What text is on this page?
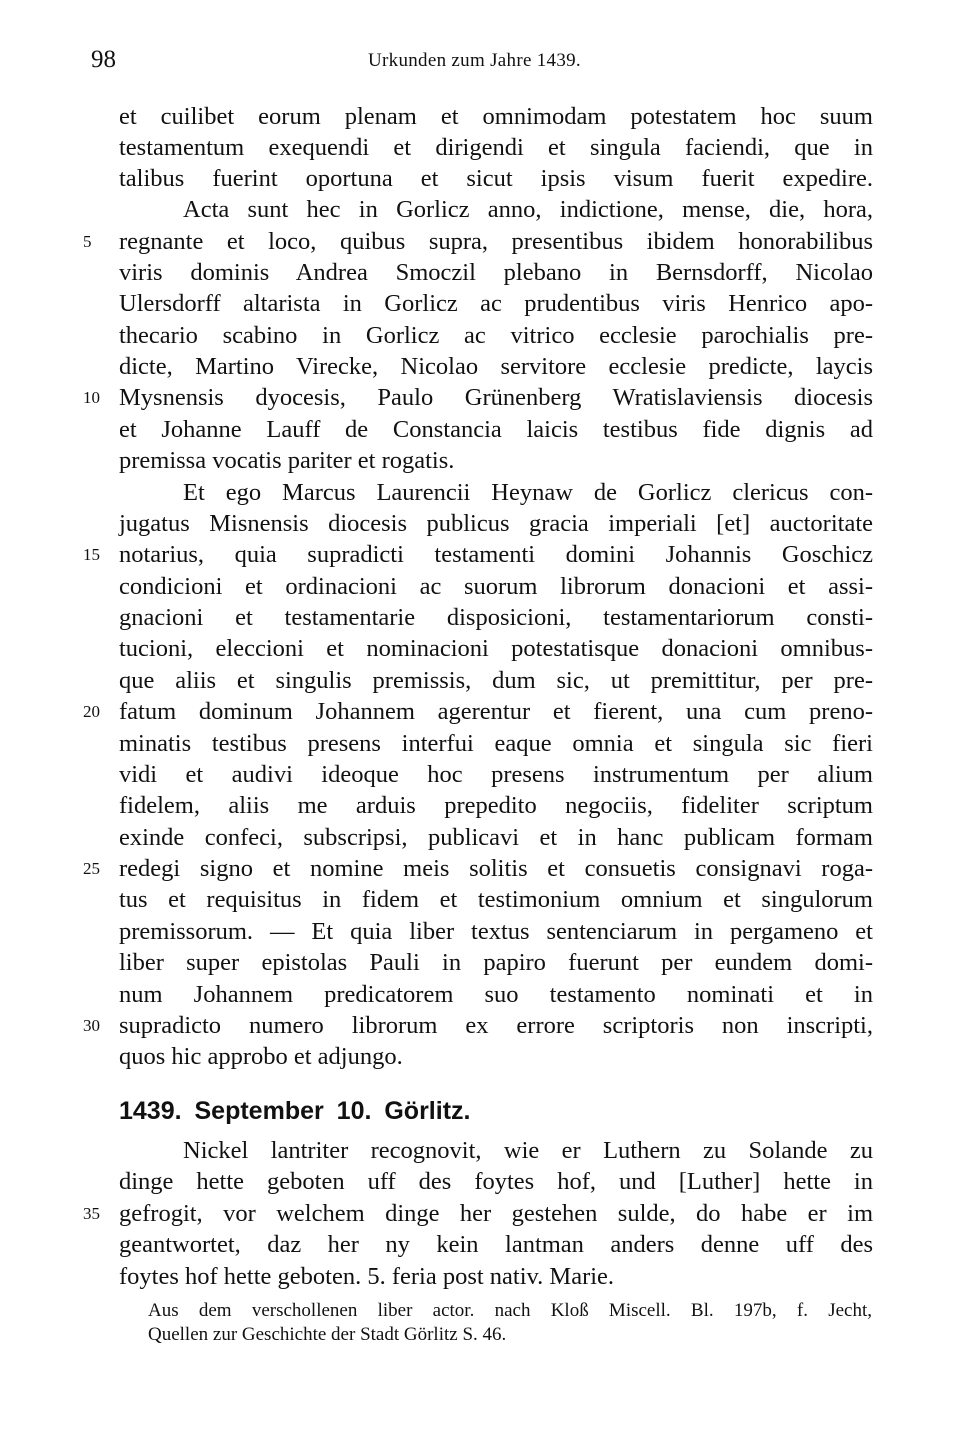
98	Urkunden zum Jahre 1439.
et cuilibet eorum plenam et omnimodam potestatem hoc suum
testamentum exequendi et dirigendi et singula faciendi, que in
talibus fuerint oportuna et sicut ipsis visum fuerit expedire.
Acta sunt hec in Gorlicz anno, indictione, mense, die, hora,
regnante et loco, quibus supra, presentibus ibidem honorabilibus
viris dominis Andrea Smoczil plebano in Bernsdorff, Nicolao
Ulersdorff altarista in Gorlicz ac prudentibus viris Henrico apo-
thecario scabino in Gorlicz ac vitrico ecclesie parochialis pre-
dicte, Martino Virecke, Nicolao servitore ecclesie predicte, laycis
Mysnensis dyocesis, Paulo Grünenberg Wratislaviensis diocesis
et Johanne Lauff de Constancia laicis testibus fide dignis ad
premissa vocatis pariter et rogatis.
Et ego Marcus Laurencii Heynaw de Gorlicz clericus con-
jugatus Misnensis diocesis publicus gracia imperiali [et] auctoritate
notarius, quia supradicti testamenti domini Johannis Goschicz
condicioni et ordinacioni ac suorum librorum donacioni et assi-
gnacioni et testamentarie disposicioni, testamentariorum consti-
tucioni, eleccioni et nominacioni potestatisque donacioni omnibus-
que aliis et singulis premissis, dum sic, ut premittitur, per pre-
fatum dominum Johannem agerentur et fierent, una cum preno-
minatis testibus presens interfui eaque omnia et singula sic fieri
vidi et audivi ideoque hoc presens instrumentum per alium
fidelem, aliis me arduis prepedito negociis, fideliter scriptum
exinde confeci, subscripsi, publicavi et in hanc publicam formam
redegi signo et nomine meis solitis et consuetis consignavi roga-
tus et requisitus in fidem et testimonium omnium et singulorum
premissorum. — Et quia liber textus sentenciarum in pergameno et
liber super epistolas Pauli in papiro fuerunt per eundem domi-
num Johannem predicatorem suo testamento nominati et in
supradicto numero librorum ex errore scriptoris non inscripti,
quos hic approbo et adjungo.
5
10
15
20
25
30
35
1439. September 10. Görlitz.
Nickel lantriter recognovit, wie er Luthern zu Solande zu
dinge hette geboten uff des foytes hof, und [Luther] hette in
gefrogit, vor welchem dinge her gestehen sulde, do habe er im
geantwortet, daz her ny kein lantman anders denne uff des
foytes hof hette geboten. 5. feria post nativ. Marie.
Aus dem verschollenen liber actor. nach Kloß Miscell. Bl. 197b, f. Jecht,
Quellen zur Geschichte der Stadt Görlitz S. 46.
